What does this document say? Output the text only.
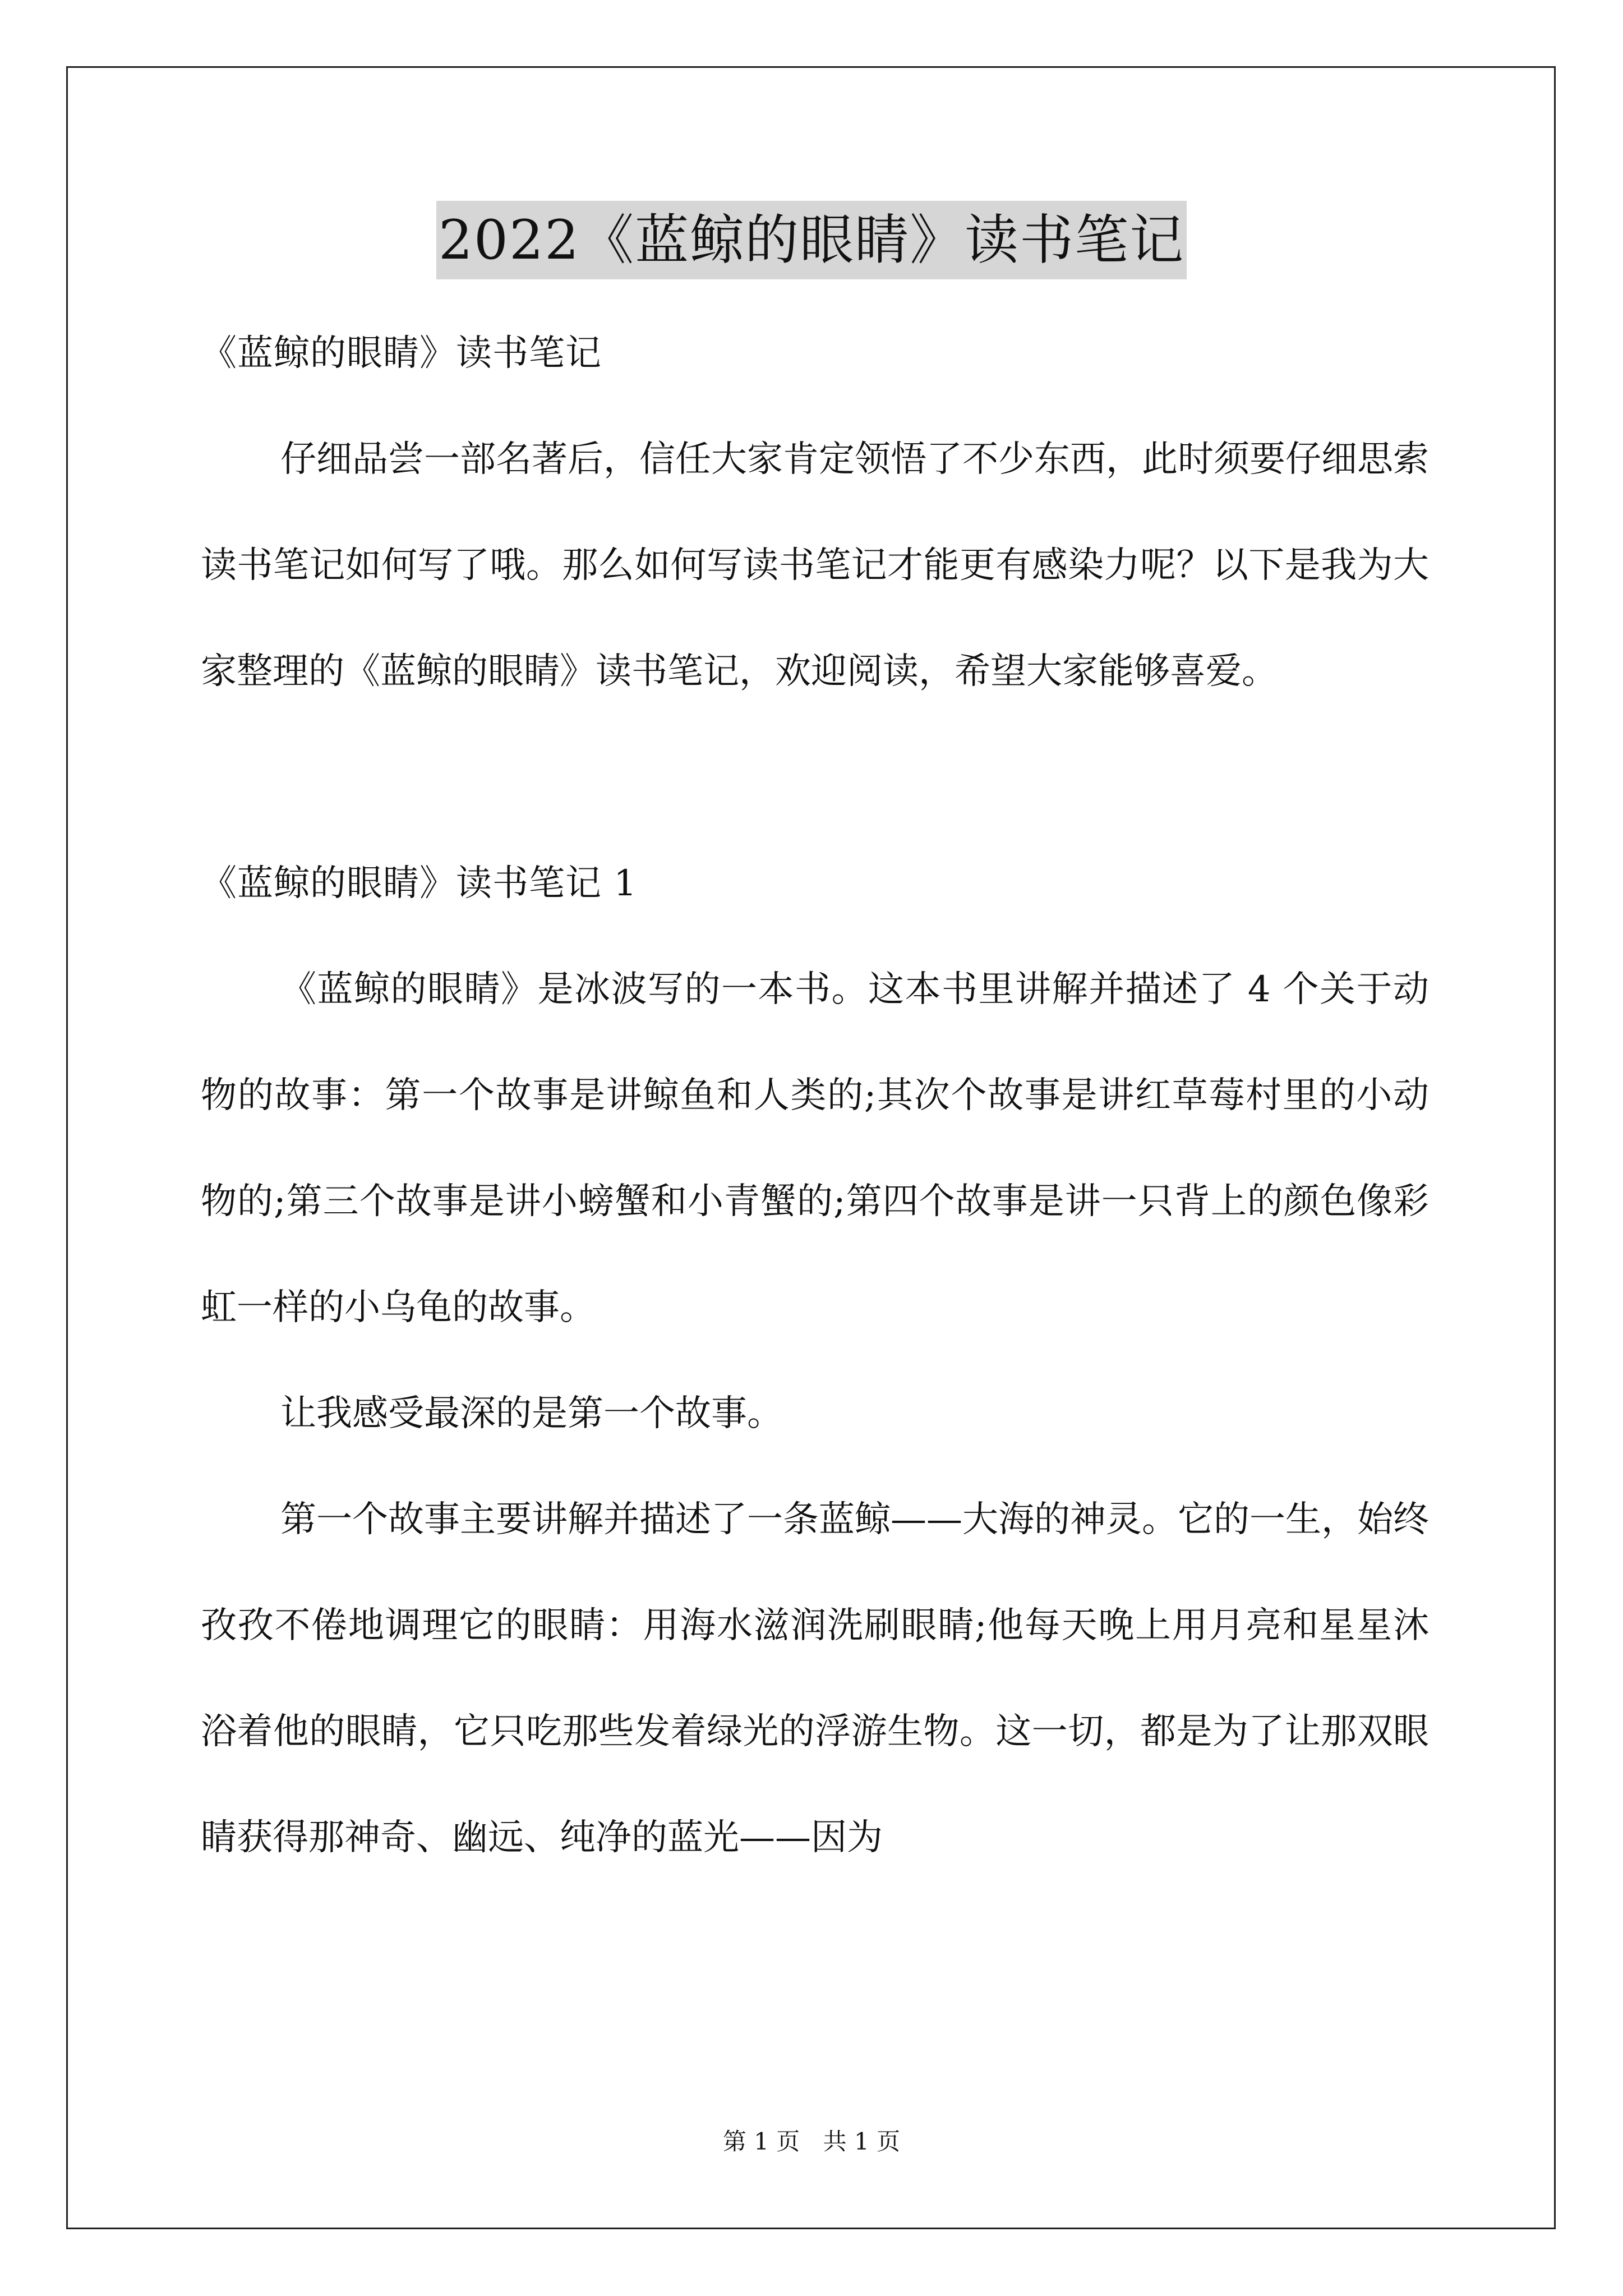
2022《蓝鲸的眼睛》读书笔记

《蓝鲸的眼睛》读书笔记

仔细品尝一部名著后，信任大家肯定领悟了不少东西，此时须要仔细思索读书笔记如何写了哦。那么如何写读书笔记才能更有感染力呢？以下是我为大家整理的《蓝鲸的眼睛》读书笔记，欢迎阅读，希望大家能够喜爱。

《蓝鲸的眼睛》读书笔记 1

《蓝鲸的眼睛》是冰波写的一本书。这本书里讲解并描述了 4 个关于动物的故事：第一个故事是讲鲸鱼和人类的;其次个故事是讲红草莓村里的小动物的;第三个故事是讲小螃蟹和小青蟹的;第四个故事是讲一只背上的颜色像彩虹一样的小乌龟的故事。

让我感受最深的是第一个故事。

第一个故事主要讲解并描述了一条蓝鲸——大海的神灵。它的一生，始终孜孜不倦地调理它的眼睛：用海水滋润洗刷眼睛;他每天晚上用月亮和星星沐浴着他的眼睛，它只吃那些发着绿光的浮游生物。这一切，都是为了让那双眼睛获得那神奇、幽远、纯净的蓝光——因为

第 1 页 共 1 页
